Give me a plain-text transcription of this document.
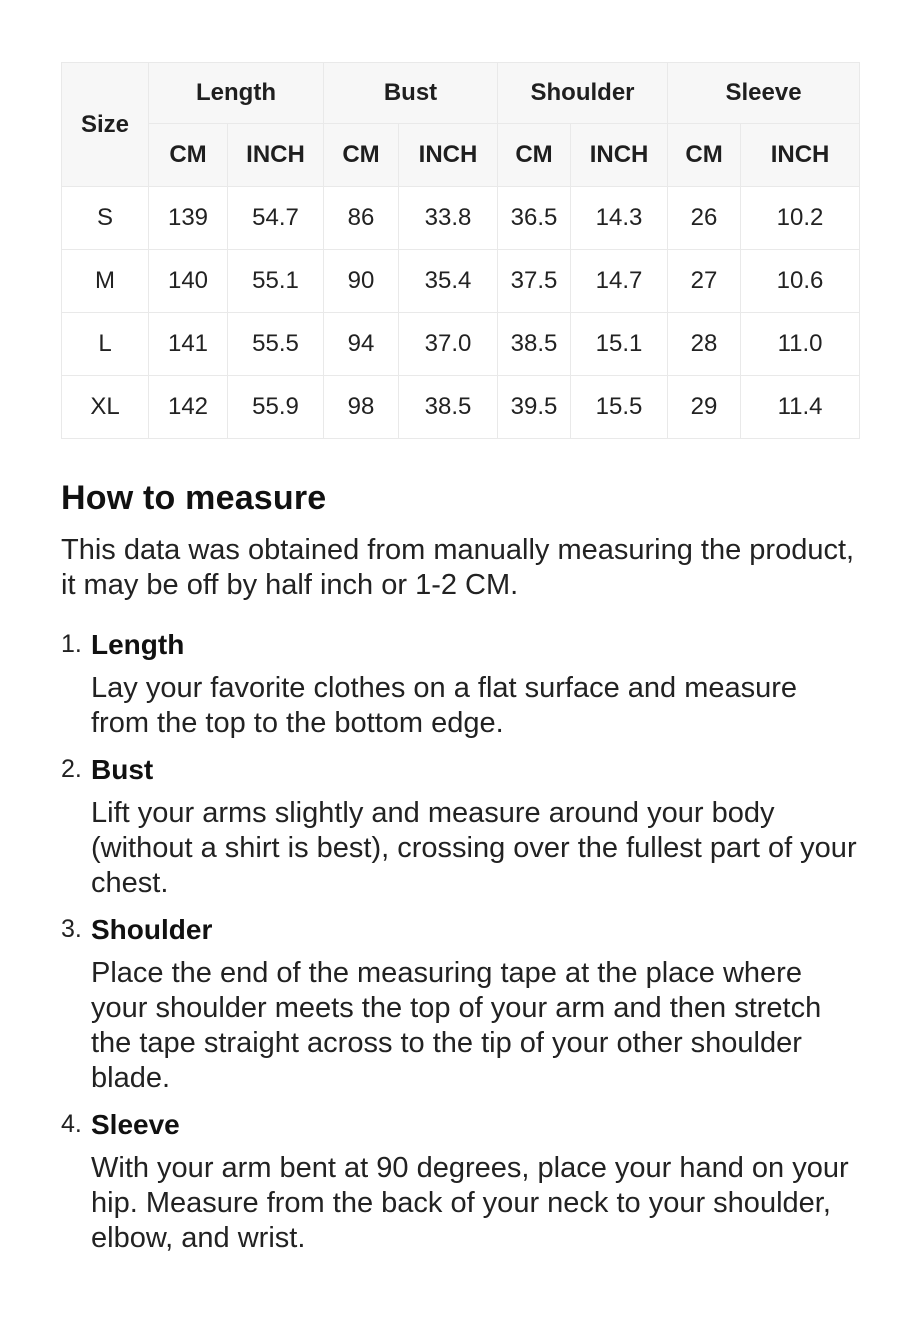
Size	Length		Bust		Shoulder		Sleeve	
	CM	INCH	CM	INCH	CM	INCH	CM	INCH
S	139	54.7	86	33.8	36.5	14.3	26	10.2
M	140	55.1	90	35.4	37.5	14.7	27	10.6
L	141	55.5	94	37.0	38.5	15.1	28	11.0
XL	142	55.9	98	38.5	39.5	15.5	29	11.4
How to measure

This data was obtained from manually measuring the product, it may be off by half inch or 1-2 CM.

1. Length

Lay your favorite clothes on a flat surface and measure from the top to the bottom edge.

2. Bust

Lift your arms slightly and measure around your body (without a shirt is best), crossing over the fullest part of your chest.

3. Shoulder

Place the end of the measuring tape at the place where your shoulder meets the top of your arm and then stretch the tape straight across to the tip of your other shoulder blade.

4. Sleeve

With your arm bent at 90 degrees, place your hand on your hip. Measure from the back of your neck to your shoulder, elbow, and wrist.
